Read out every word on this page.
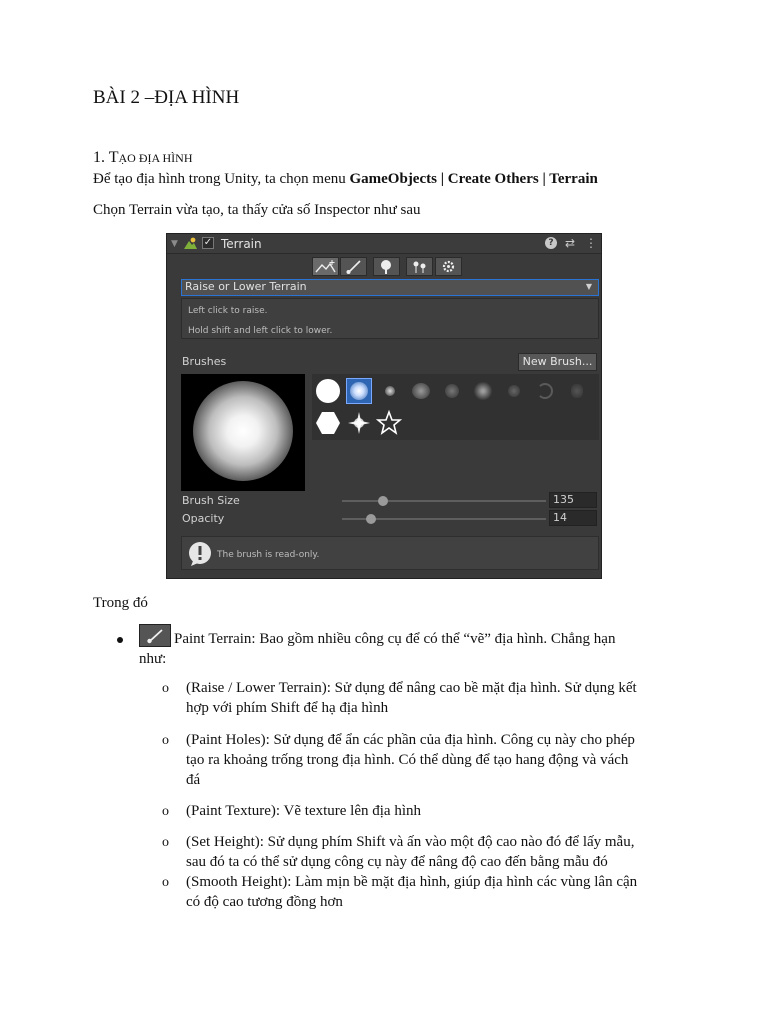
BÀI 2 –ĐỊA HÌNH
1. TẠO ĐỊA HÌNH
Để tạo địa hình trong Unity, ta chọn menu GameObjects | Create Others | Terrain
Chọn Terrain vừa tạo, ta thấy cửa số Inspector như sau
▼	✓ Terrain	? ⇄ ⋮
Raise or Lower Terrain	▼
Left click to raise.
Hold shift and left click to lower.
Brushes	New Brush...
Brush Size	135
Opacity	14
The brush is read-only.
Trong đó
Paint Terrain: Bao gồm nhiều công cụ để có thể “vẽ” địa hình. Chẳng hạn
như:
o (Raise / Lower Terrain): Sử dụng để nâng cao bề mặt địa hình. Sử dụng kết
hợp với phím Shift để hạ địa hình
o (Paint Holes): Sử dụng để ẩn các phần của địa hình. Công cụ này cho phép
tạo ra khoảng trống trong địa hình. Có thể dùng để tạo hang động và vách
đá
o (Paint Texture): Vẽ texture lên địa hình
o (Set Height): Sử dụng phím Shift và ấn vào một độ cao nào đó để lấy mẫu,
sau đó ta có thể sử dụng công cụ này để nâng độ cao đến bằng mẫu đó
o (Smooth Height): Làm mịn bề mặt địa hình, giúp địa hình các vùng lân cận
có độ cao tương đồng hơn
